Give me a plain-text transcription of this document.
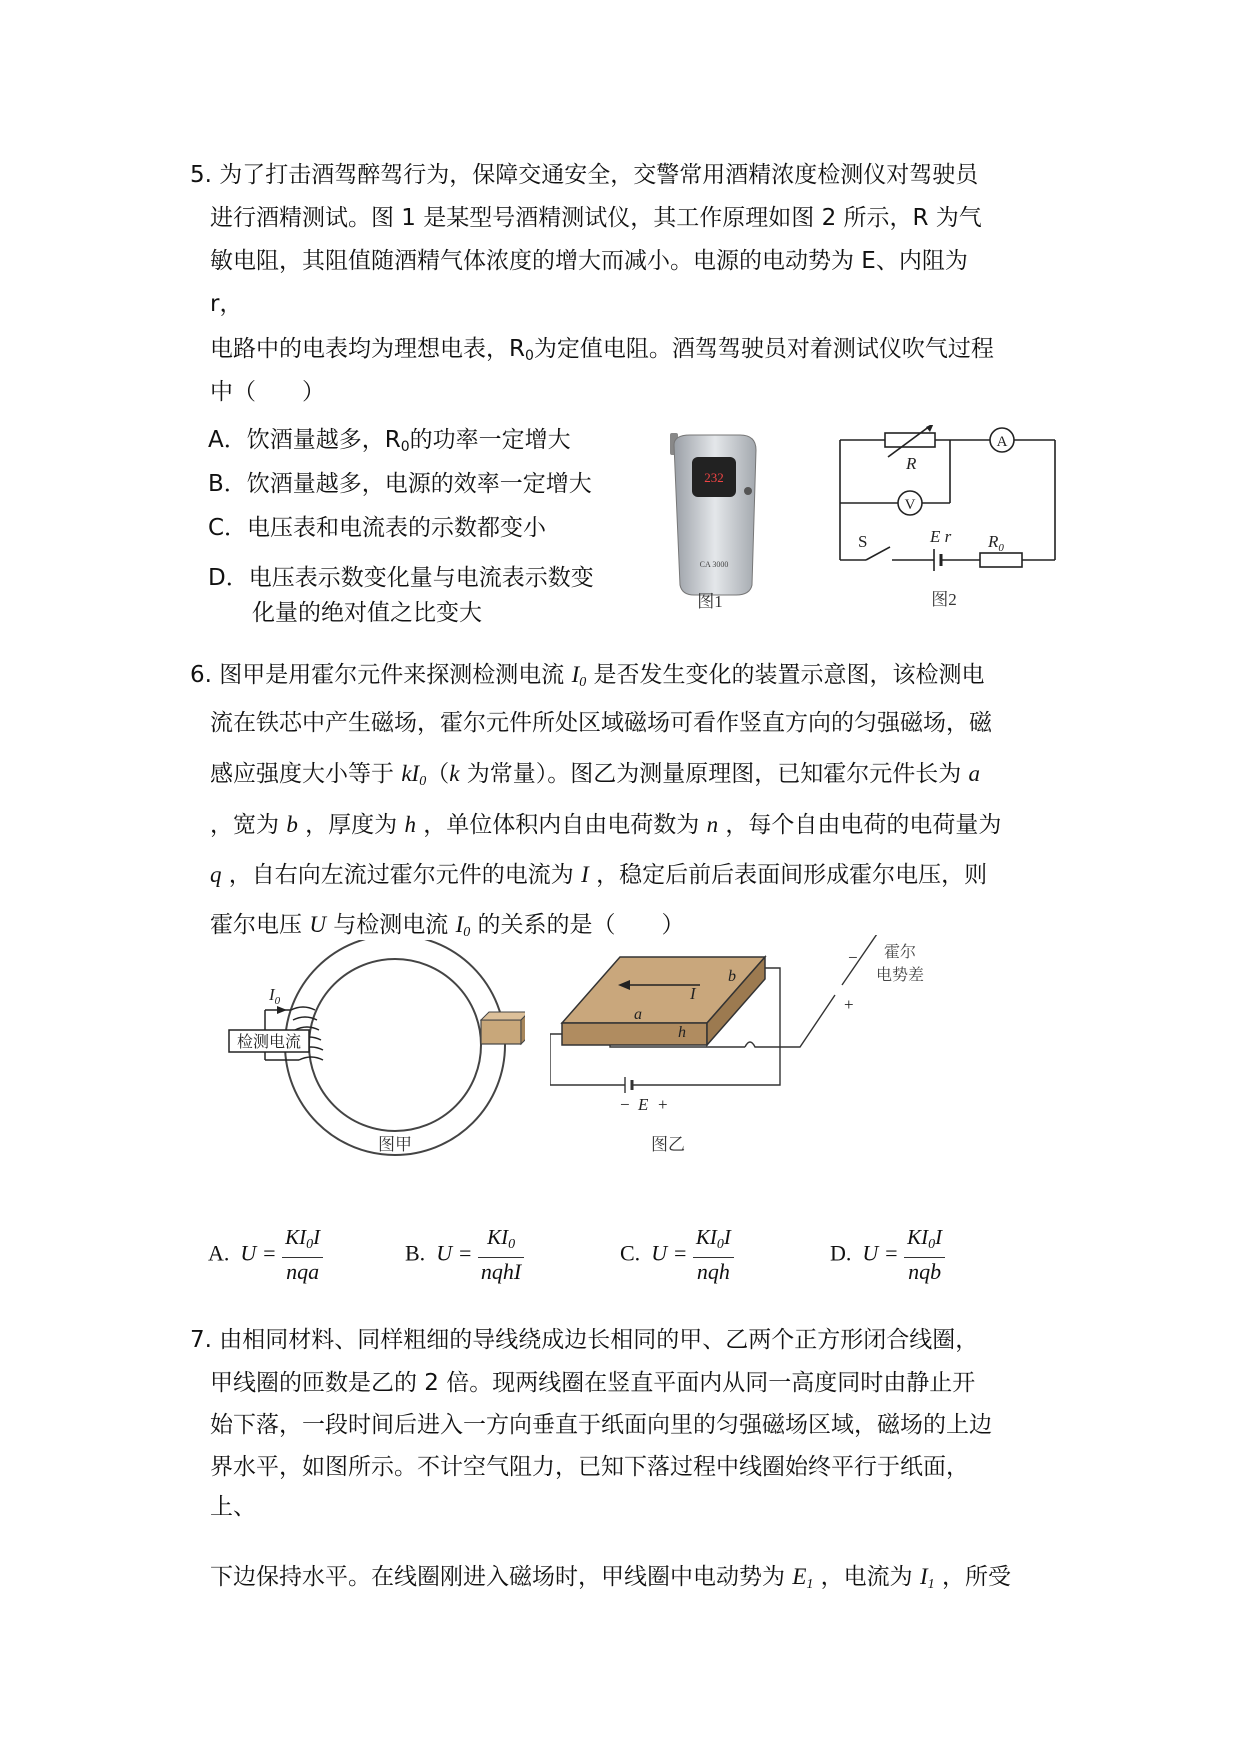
5. 为了打击酒驾醉驾行为，保障交通安全，交警常用酒精浓度检测仪对驾驶员
进行酒精测试。图 1 是某型号酒精测试仪，其工作原理如图 2 所示，R 为气
敏电阻，其阻值随酒精气体浓度的增大而减小。电源的电动势为 E、内阻为
r，
电路中的电表均为理想电表，$R_0$为定值电阻。酒驾驾驶员对着测试仪吹气过程
中（　　）
A．饮酒量越多，$R_0$的功率一定增大
B．饮酒量越多，电源的效率一定增大
C．电压表和电流表的示数都变小
D．电压表示数变化量与电流表示数变
化量的绝对值之比变大
232
CA 3000
图1
R
A
V
S	E r $R_0$
图2
6. 图甲是用霍尔元件来探测检测电流 $I_0$ 是否发生变化的装置示意图，该检测电
流在铁芯中产生磁场，霍尔元件所处区域磁场可看作竖直方向的匀强磁场，磁
感应强度大小等于 $kI_0(k$ 为常量）。图乙为测量原理图，已知霍尔元件长为 a
，宽为 b ，厚度为 h ，单位体积内自由电荷数为 n ，每个自由电荷的电荷量为
q ，自右向左流过霍尔元件的电流为 I ，稳定后前后表面间形成霍尔电压，则
霍尔电压 U 与检测电流 $I_0$ 的关系的是（　　）
$I_0$
检测电流
图甲
I
b
a
h
− E +
−
+
霍尔
电势差
图乙
A. $U = \frac{KI_0I}{\text{nqa}}$	B. $U = \frac{KI_0}{\text{nqhI}}$	C. $U = \frac{KI_0I}{\text{nqh}}$	D. $U = \frac{KI_0I}{\text{nqb}}$
7. 由相同材料、同样粗细的导线绕成边长相同的甲、乙两个正方形闭合线圈，
甲线圈的匝数是乙的 2 倍。现两线圈在竖直平面内从同一高度同时由静止开
始下落，一段时间后进入一方向垂直于纸面向里的匀强磁场区域，磁场的上边
界水平，如图所示。不计空气阻力，已知下落过程中线圈始终平行于纸面，
上、
下边保持水平。在线圈刚进入磁场时，甲线圈中电动势为 $E_1$ ，电流为 $I_1$ ，所受
